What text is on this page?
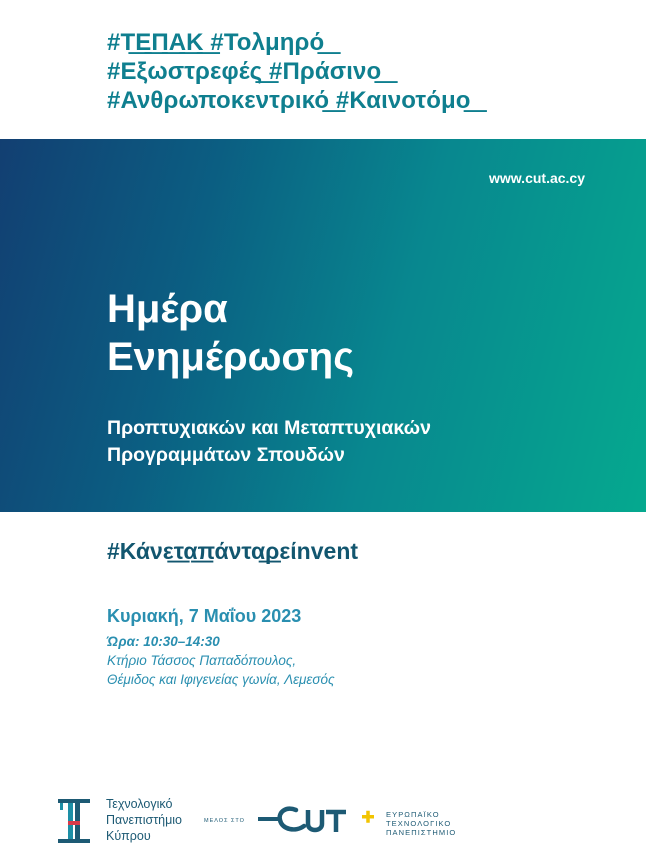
#Τ͟Ε͟Π͟Α͟Κ͟ #Τολμηρό͟
#Εξωστρεφές͟ #Πράσινο͟
#Ανθρωποκεντρικό͟ #Καινοτόμο͟
www.cut.ac.cy
Ημέρα
Ενημέρωσης
Προπτυχιακών και Μεταπτυχιακών
Προγραμμάτων Σπουδών
#Κάνε͟τα͟πάντα͟ρείnvent
Κυριακή, 7 Μαΐου 2023
Ώρα: 10:30–14:30
Κτήριο Τάσσος Παπαδόπουλος,
Θέμιδος και Ιφιγενείας γωνία, Λεμεσός
Τεχνολογικό
Πανεπιστήμιο
Κύπρου
ΜΕΛΟΣ ΣΤΟ
ΕΥΡΩΠΑΪΚΟ
ΤΕΧΝΟΛΟΓΙΚΟ
ΠΑΝΕΠΙΣΤΗΜΙΟ
